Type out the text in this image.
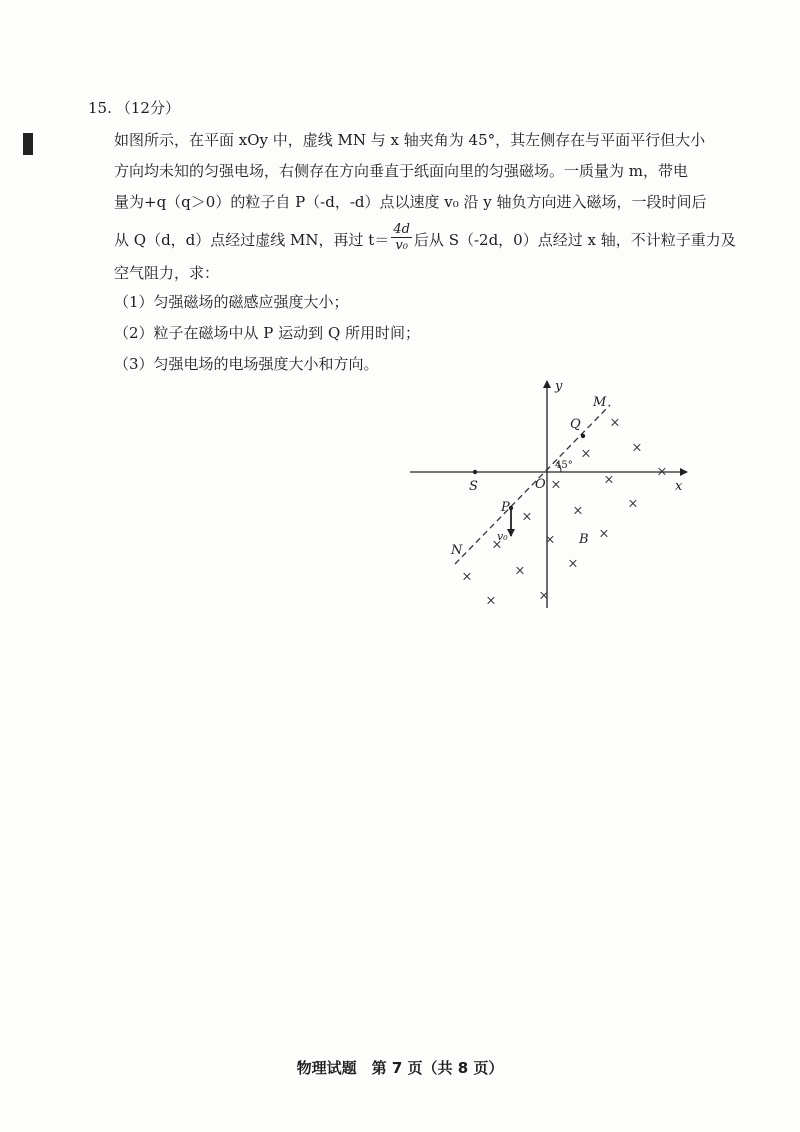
15. （12分）
如图所示，在平面 xOy 中，虚线 MN 与 x 轴夹角为 45°，其左侧存在与平面平行但大小
方向均未知的匀强电场，右侧存在方向垂直于纸面向里的匀强磁场。一质量为 m，带电
量为+q（q＞0）的粒子自 P（-d，-d）点以速度 v₀ 沿 y 轴负方向进入磁场，一段时间后
从 Q（d，d）点经过虚线 MN，再过 $t= \frac{4d}{\text{v₀}}$ 后从 S（-2d，0）点经过 x 轴，不计粒子重力及
空气阻力，求：
（1）匀强磁场的磁感应强度大小；
（2）粒子在磁场中从 P 运动到 Q 所用时间；
（3）匀强电场的电场强度大小和方向。
×
×
×
×
×
×
×
×
×
×
×
×
×
×
×
×
×
y
x
O
M
N
Q
P
S
B
v₀
45°
物理试题　第 7 页（共 8 页）
